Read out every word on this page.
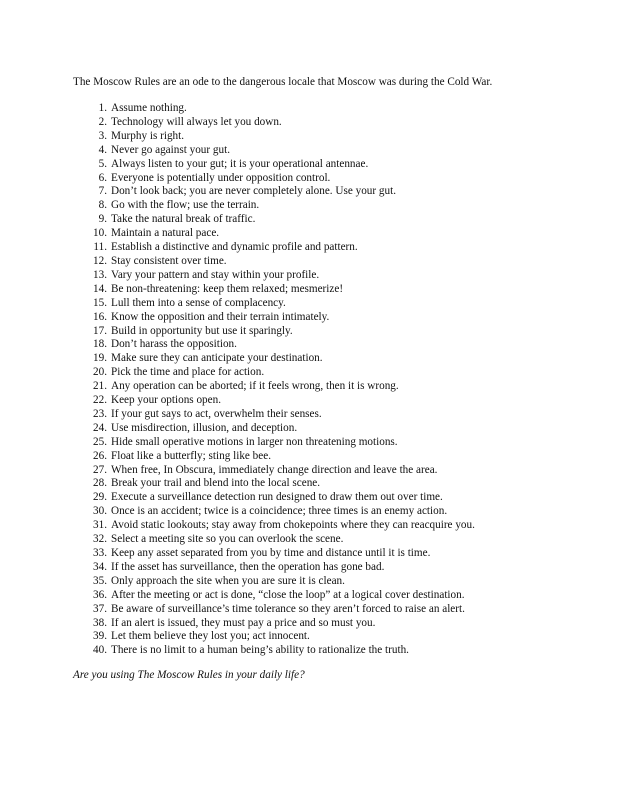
The Moscow Rules are an ode to the dangerous locale that Moscow was during the Cold War.
1. Assume nothing.
2. Technology will always let you down.
3. Murphy is right.
4. Never go against your gut.
5. Always listen to your gut; it is your operational antennae.
6. Everyone is potentially under opposition control.
7. Don’t look back; you are never completely alone. Use your gut.
8. Go with the flow; use the terrain.
9. Take the natural break of traffic.
10. Maintain a natural pace.
11. Establish a distinctive and dynamic profile and pattern.
12. Stay consistent over time.
13. Vary your pattern and stay within your profile.
14. Be non-threatening: keep them relaxed; mesmerize!
15. Lull them into a sense of complacency.
16. Know the opposition and their terrain intimately.
17. Build in opportunity but use it sparingly.
18. Don’t harass the opposition.
19. Make sure they can anticipate your destination.
20. Pick the time and place for action.
21. Any operation can be aborted; if it feels wrong, then it is wrong.
22. Keep your options open.
23. If your gut says to act, overwhelm their senses.
24. Use misdirection, illusion, and deception.
25. Hide small operative motions in larger non threatening motions.
26. Float like a butterfly; sting like bee.
27. When free, In Obscura, immediately change direction and leave the area.
28. Break your trail and blend into the local scene.
29. Execute a surveillance detection run designed to draw them out over time.
30. Once is an accident; twice is a coincidence; three times is an enemy action.
31. Avoid static lookouts; stay away from chokepoints where they can reacquire you.
32. Select a meeting site so you can overlook the scene.
33. Keep any asset separated from you by time and distance until it is time.
34. If the asset has surveillance, then the operation has gone bad.
35. Only approach the site when you are sure it is clean.
36. After the meeting or act is done, “close the loop” at a logical cover destination.
37. Be aware of surveillance’s time tolerance so they aren’t forced to raise an alert.
38. If an alert is issued, they must pay a price and so must you.
39. Let them believe they lost you; act innocent.
40. There is no limit to a human being’s ability to rationalize the truth.
Are you using The Moscow Rules in your daily life?
